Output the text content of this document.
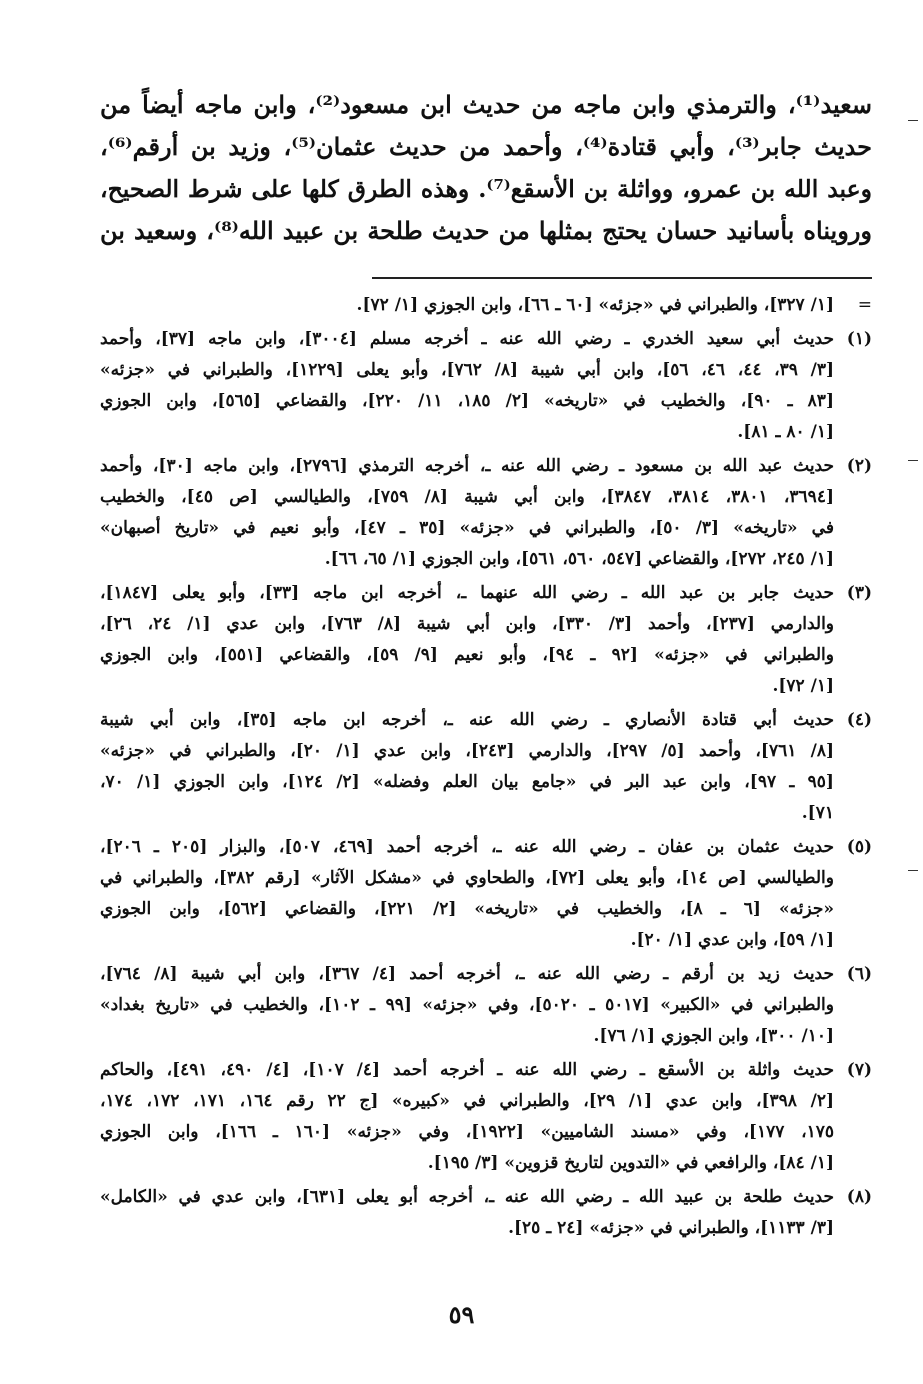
سعيد⁽¹⁾، والترمذي وابن ماجه من حديث ابن مسعود⁽²⁾، وابن ماجه أيضاً من
حديث جابر⁽³⁾، وأبي قتادة⁽⁴⁾، وأحمد من حديث عثمان⁽⁵⁾، وزيد بن أرقم⁽⁶⁾،
وعبد الله بن عمرو، وواثلة بن الأسقع⁽⁷⁾. وهذه الطرق كلها على شرط الصحيح،
ورويناه بأسانيد حسان يحتج بمثلها من حديث طلحة بن عبيد الله⁽⁸⁾، وسعيد بن
=
[١/ ٣٢٧]، والطبراني في «جزئه» [٦٠ ـ ٦٦]، وابن الجوزي [١/ ٧٢].
(١)
حديث أبي سعيد الخدري ـ رضي الله عنه ـ أخرجه مسلم [٣٠٠٤]، وابن ماجه [٣٧]، وأحمد
[٣/ ٣٩، ٤٤، ٤٦، ٥٦]، وابن أبي شيبة [٨/ ٧٦٢]، وأبو يعلى [١٢٢٩]، والطبراني في «جزئه»
[٨٣ ـ ٩٠]، والخطيب في «تاريخه» [٢/ ١٨٥، ١١/ ٢٢٠]، والقضاعي [٥٦٥]، وابن الجوزي
[١/ ٨٠ ـ ٨١].
(٢)
حديث عبد الله بن مسعود ـ رضي الله عنه ـ، أخرجه الترمذي [٢٧٩٦]، وابن ماجه [٣٠]، وأحمد
[٣٦٩٤، ٣٨٠١، ٣٨١٤، ٣٨٤٧]، وابن أبي شيبة [٨/ ٧٥٩]، والطيالسي [ص ٤٥]، والخطيب
في «تاريخه» [٣/ ٥٠]، والطبراني في «جزئه» [٣٥ ـ ٤٧]، وأبو نعيم في «تاريخ أصبهان»
[١/ ٢٤٥، ٢٧٢]، والقضاعي [٥٤٧، ٥٦٠، ٥٦١]، وابن الجوزي [١/ ٦٥، ٦٦].
(٣)
حديث جابر بن عبد الله ـ رضي الله عنهما ـ، أخرجه ابن ماجه [٣٣]، وأبو يعلى [١٨٤٧]،
والدارمي [٢٣٧]، وأحمد [٣/ ٣٣٠]، وابن أبي شيبة [٨/ ٧٦٣]، وابن عدي [١/ ٢٤، ٢٦]،
والطبراني في «جزئه» [٩٢ ـ ٩٤]، وأبو نعيم [٩/ ٥٩]، والقضاعي [٥٥١]، وابن الجوزي
[١/ ٧٢].
(٤)
حديث أبي قتادة الأنصاري ـ رضي الله عنه ـ، أخرجه ابن ماجه [٣٥]، وابن أبي شيبة
[٨/ ٧٦١]، وأحمد [٥/ ٢٩٧]، والدارمي [٢٤٣]، وابن عدي [١/ ٢٠]، والطبراني في «جزئه»
[٩٥ ـ ٩٧]، وابن عبد البر في «جامع بيان العلم وفضله» [٢/ ١٢٤]، وابن الجوزي [١/ ٧٠،
٧١].
(٥)
حديث عثمان بن عفان ـ رضي الله عنه ـ، أخرجه أحمد [٤٦٩، ٥٠٧]، والبزار [٢٠٥ ـ ٢٠٦]،
والطيالسي [ص ١٤]، وأبو يعلى [٧٢]، والطحاوي في «مشكل الآثار» [رقم ٣٨٢]، والطبراني في
«جزئه» [٦ ـ ٨]، والخطيب في «تاريخه» [٢/ ٢٢١]، والقضاعي [٥٦٢]، وابن الجوزي
[١/ ٥٩]، وابن عدي [١/ ٢٠].
(٦)
حديث زيد بن أرقم ـ رضي الله عنه ـ، أخرجه أحمد [٤/ ٣٦٧]، وابن أبي شيبة [٨/ ٧٦٤]،
والطبراني في «الكبير» [٥٠١٧ ـ ٥٠٢٠]، وفي «جزئه» [٩٩ ـ ١٠٢]، والخطيب في «تاريخ بغداد»
[١٠/ ٣٠٠]، وابن الجوزي [١/ ٧٦].
(٧)
حديث واثلة بن الأسقع ـ رضي الله عنه ـ أخرجه أحمد [٤/ ١٠٧]، [٤/ ٤٩٠، ٤٩١]، والحاكم
[٢/ ٣٩٨]، وابن عدي [١/ ٢٩]، والطبراني في «كبيره» [ج ٢٢ رقم ١٦٤، ١٧١، ١٧٢، ١٧٤،
١٧٥، ١٧٧]، وفي «مسند الشاميين» [١٩٢٢]، وفي «جزئه» [١٦٠ ـ ١٦٦]، وابن الجوزي
[١/ ٨٤]، والرافعي في «التدوين لتاريخ قزوين» [٣/ ١٩٥].
(٨)
حديث طلحة بن عبيد الله ـ رضي الله عنه ـ، أخرجه أبو يعلى [٦٣١]، وابن عدي في «الكامل»
[٣/ ١١٣٣]، والطبراني في «جزئه» [٢٤ ـ ٢٥].
٥٩
